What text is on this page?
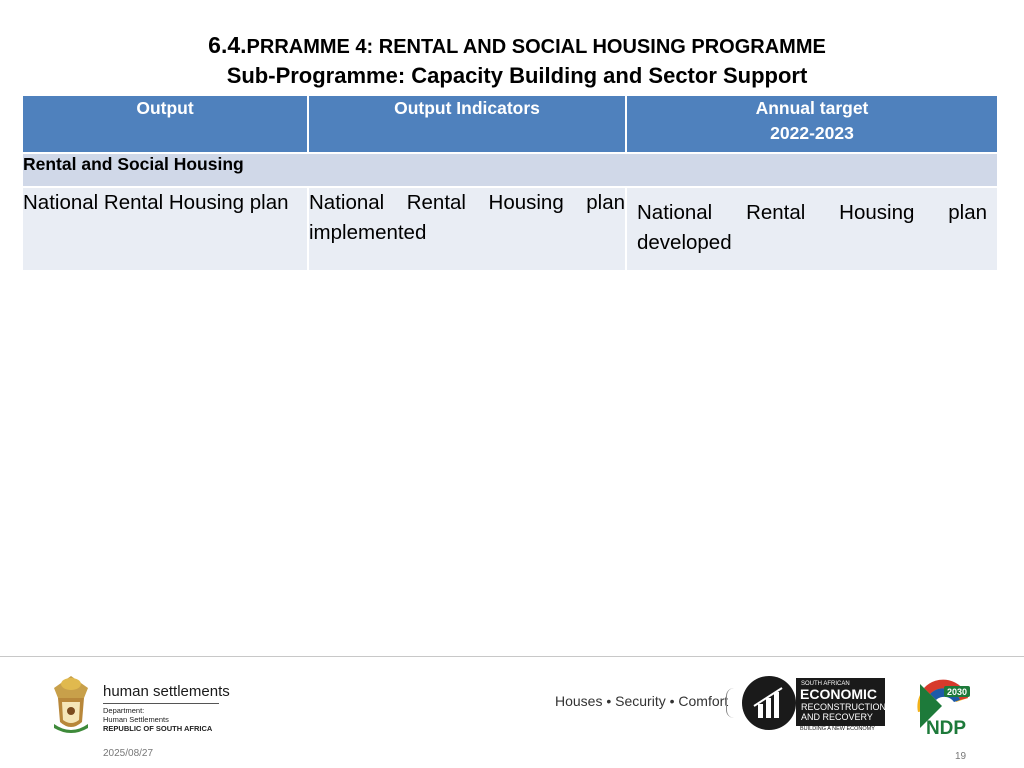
6.4.PRRAMME 4: RENTAL AND SOCIAL HOUSING PROGRAMME

Sub-Programme: Capacity Building and Sector Support

Output	Output Indicators	Annual target
2022-2023

Rental and Social Housing		
National Rental Housing plan	National Rental Housing plan implemented	National Rental Housing plan developed
human settlements
Department:
Human Settlements
REPUBLIC OF SOUTH AFRICA
Houses • Security • Comfort
SOUTH AFRICAN
ECONOMIC
RECONSTRUCTION
AND RECOVERY
BUILDING A NEW ECONOMY
2030
NDP
2025/08/27	19
